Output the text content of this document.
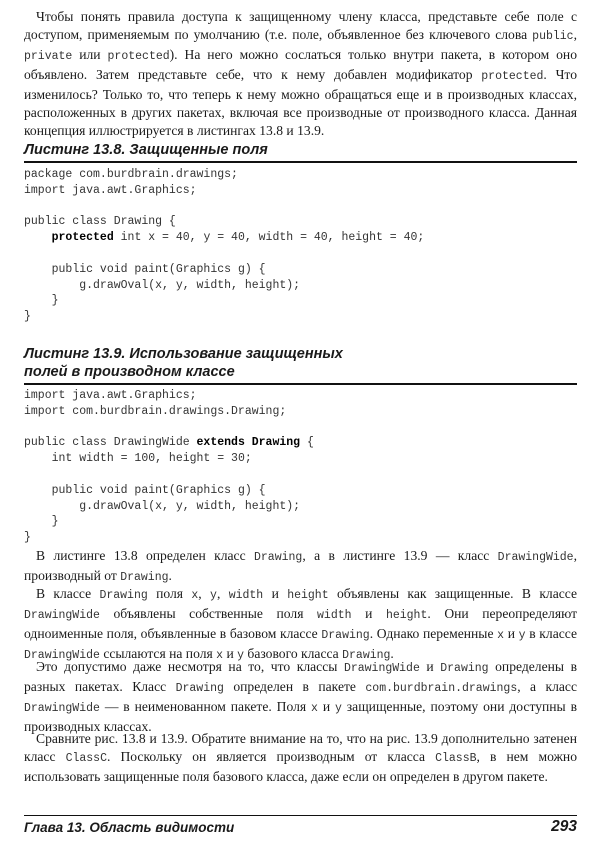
Чтобы понять правила доступа к защищенному члену класса, представьте себе поле с доступом, применяемым по умолчанию (т.е. поле, объявленное без ключевого слова public, private или protected). На него можно сослаться только внутри пакета, в котором оно объявлено. Затем представьте себе, что к нему добавлен модификатор protected. Что изменилось? Только то, что теперь к нему можно обращаться еще и в производных классах, расположенных в других пакетах, включая все производные от производного класса. Данная концепция иллюстрируется в листингах 13.8 и 13.9.

Листинг 13.8. Защищенные поля
package com.burdbrain.drawings;
import java.awt.Graphics;

public class Drawing {
protected int x = 40, y = 40, width = 40, height = 40;

public void paint(Graphics g) {
g.drawOval(x, y, width, height);
}
}
Листинг 13.9. Использование защищенных
полей в производном классе
import java.awt.Graphics;
import com.burdbrain.drawings.Drawing;

public class DrawingWide extends Drawing {
int width = 100, height = 30;

public void paint(Graphics g) {
g.drawOval(x, y, width, height);
}
}

В листинге 13.8 определен класс Drawing, а в листинге 13.9 — класс DrawingWide, производный от Drawing.

В классе Drawing поля x, y, width и height объявлены как защищенные. В классе DrawingWide объявлены собственные поля width и height. Они переопределяют одноименные поля, объявленные в базовом классе Drawing. Однако переменные x и y в классе DrawingWide ссылаются на поля x и y базового класса Drawing.

Это допустимо даже несмотря на то, что классы DrawingWide и Drawing определены в разных пакетах. Класс Drawing определен в пакете com.burdbrain.drawings, а класс DrawingWide — в неименованном пакете. Поля x и y защищенные, поэтому они доступны в производных классах.

Сравните рис. 13.8 и 13.9. Обратите внимание на то, что на рис. 13.9 дополнительно затенен класс ClassC. Поскольку он является производным от класса ClassB, в нем можно использовать защищенные поля базового класса, даже если он определен в другом пакете.

Глава 13. Область видимости	293
